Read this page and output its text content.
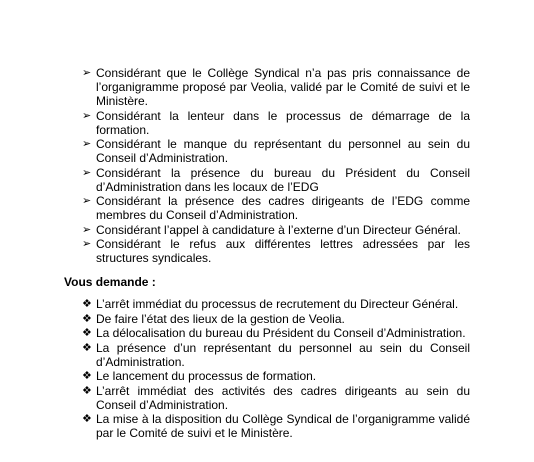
➢ Considérant que le Collège Syndical n’a pas pris connaissance de l’organigramme proposé par Veolia, validé par le Comité de suivi et le Ministère.
➢ Considérant la lenteur dans le processus de démarrage de la formation.
➢ Considérant le manque du représentant du personnel au sein du Conseil d’Administration.
➢ Considérant la présence du bureau du Président du Conseil d’Administration dans les locaux de l’EDG
➢ Considérant la présence des cadres dirigeants de l’EDG comme membres du Conseil d’Administration.
➢ Considérant l’appel à candidature à l’externe d’un Directeur Général.
➢ Considérant le refus aux différentes lettres adressées par les structures syndicales.
Vous demande :
❖ L’arrêt immédiat du processus de recrutement du Directeur Général.
❖ De faire l’état des lieux de la gestion de Veolia.
❖ La délocalisation du bureau du Président du Conseil d’Administration.
❖ La présence d’un représentant du personnel au sein du Conseil d’Administration.
❖ Le lancement du processus de formation.
❖ L’arrêt immédiat des activités des cadres dirigeants au sein du Conseil d’Administration.
❖ La mise à la disposition du Collège Syndical de l’organigramme validé par le Comité de suivi et le Ministère.
